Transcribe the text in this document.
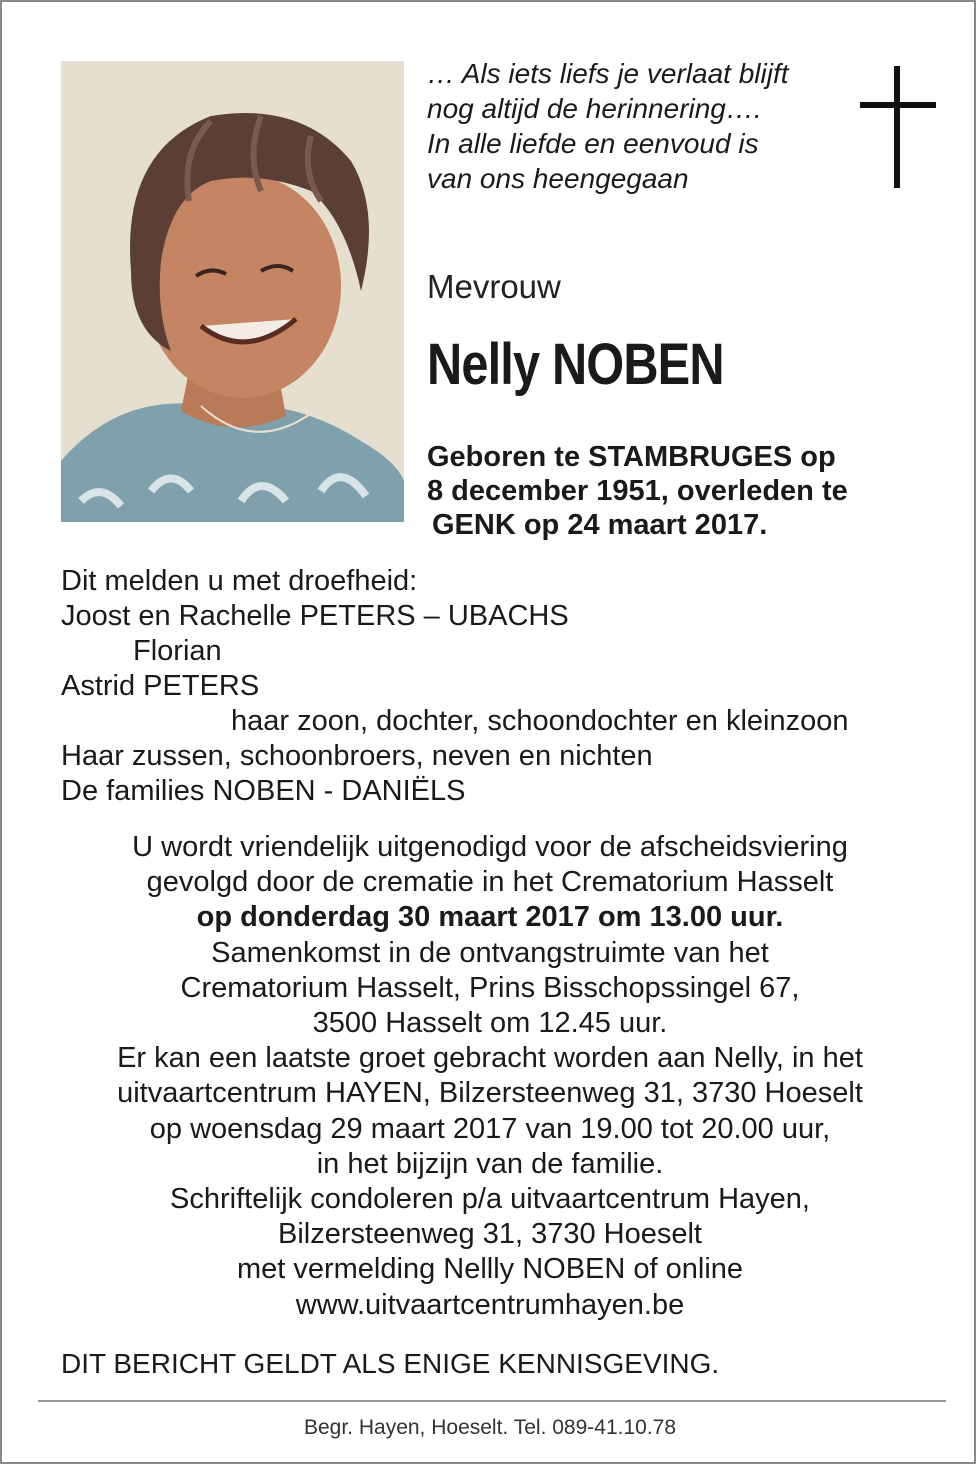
… Als iets liefs je verlaat blijft
nog altijd de herinnering….
In alle liefde en eenvoud is
van ons heengegaan
Mevrouw
Nelly NOBEN
Geboren te STAMBRUGES op
8 december 1951, overleden te
GENK op 24 maart 2017.
Dit melden u met droefheid:
Joost en Rachelle PETERS – UBACHS
Florian
Astrid PETERS
haar zoon, dochter, schoondochter en kleinzoon
Haar zussen, schoonbroers, neven en nichten
De families NOBEN - DANIËLS
U wordt vriendelijk uitgenodigd voor de afscheidsviering
gevolgd door de crematie in het Crematorium Hasselt
op donderdag 30 maart 2017 om 13.00 uur.
Samenkomst in de ontvangstruimte van het
Crematorium Hasselt, Prins Bisschopssingel 67,
3500 Hasselt om 12.45 uur.
Er kan een laatste groet gebracht worden aan Nelly, in het
uitvaartcentrum HAYEN, Bilzersteenweg 31, 3730 Hoeselt
op woensdag 29 maart 2017 van 19.00 tot 20.00 uur,
in het bijzijn van de familie.
Schriftelijk condoleren p/a uitvaartcentrum Hayen,
Bilzersteenweg 31, 3730 Hoeselt
met vermelding Nellly NOBEN of online
www.uitvaartcentrumhayen.be
DIT BERICHT GELDT ALS ENIGE KENNISGEVING.
Begr. Hayen, Hoeselt. Tel. 089-41.10.78
